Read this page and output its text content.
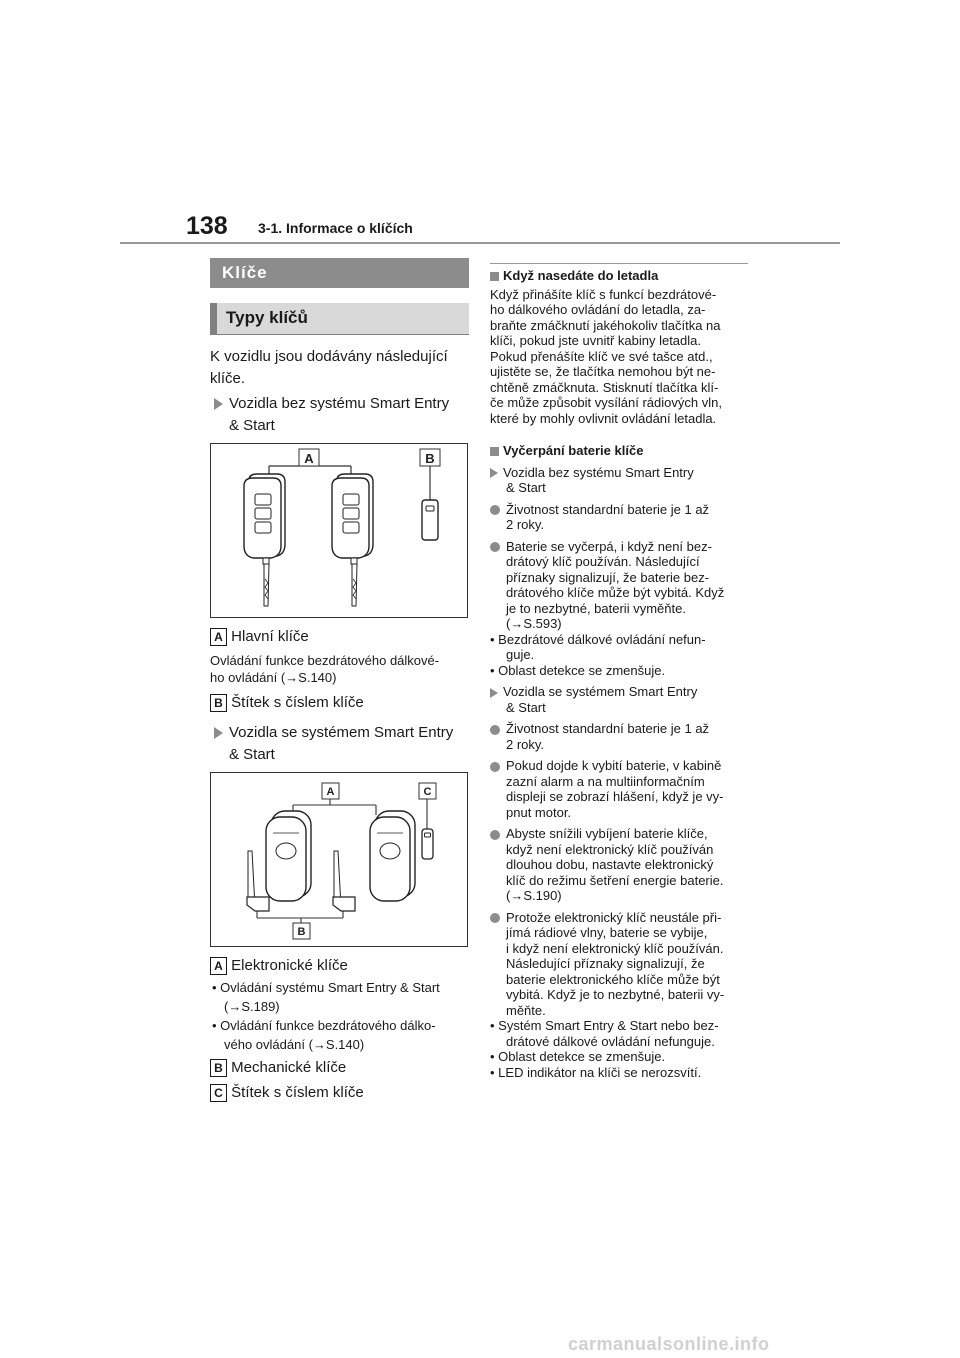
138 3-1. Informace o klíčích
Klíče
Typy klíčů
K vozidlu jsou dodávány následující klíče.
Vozidla bez systému Smart Entry
& Start
A	B
A Hlavní klíče
Ovládání funkce bezdrátového dálkové-
ho ovládání (→S.140)
B Štítek s číslem klíče
Vozidla se systémem Smart Entry
& Start
A
B
C
A Elektronické klíče
• Ovládání systému Smart Entry & Start
(→S.189)
• Ovládání funkce bezdrátového dálko-
vého ovládání (→S.140)
B Mechanické klíče
C Štítek s číslem klíče
Když nasedáte do letadla
Když přinášíte klíč s funkcí bezdrátové-
ho dálkového ovládání do letadla, za-
braňte zmáčknutí jakéhokoliv tlačítka na
klíči, pokud jste uvnitř kabiny letadla.
Pokud přenášíte klíč ve své tašce atd.,
ujistěte se, že tlačítka nemohou být ne-
chtěně zmáčknuta. Stisknutí tlačítka klí-
če může způsobit vysílání rádiových vln,
které by mohly ovlivnit ovládání letadla.
Vyčerpání baterie klíče
Vozidla bez systému Smart Entry
& Start
Životnost standardní baterie je 1 až
2 roky.
Baterie se vyčerpá, i když není bez-
drátový klíč používán. Následující
příznaky signalizují, že baterie bez-
drátového klíče může být vybitá. Když
je to nezbytné, baterii vyměňte.
(→S.593)
• Bezdrátové dálkové ovládání nefun-
guje.
• Oblast detekce se zmenšuje.
Vozidla se systémem Smart Entry
& Start
Životnost standardní baterie je 1 až
2 roky.
Pokud dojde k vybití baterie, v kabině
zazní alarm a na multiinformačním
displeji se zobrazí hlášení, když je vy-
pnut motor.
Abyste snížili vybíjení baterie klíče,
když není elektronický klíč používán
dlouhou dobu, nastavte elektronický
klíč do režimu šetření energie baterie.
(→S.190)
Protože elektronický klíč neustále při-
jímá rádiové vlny, baterie se vybije,
i když není elektronický klíč používán.
Následující příznaky signalizují, že
baterie elektronického klíče může být
vybitá. Když je to nezbytné, baterii vy-
měňte.
• Systém Smart Entry & Start nebo bez-
drátové dálkové ovládání nefunguje.
• Oblast detekce se zmenšuje.
• LED indikátor na klíči se nerozsvítí.
carmanualsonline.info
